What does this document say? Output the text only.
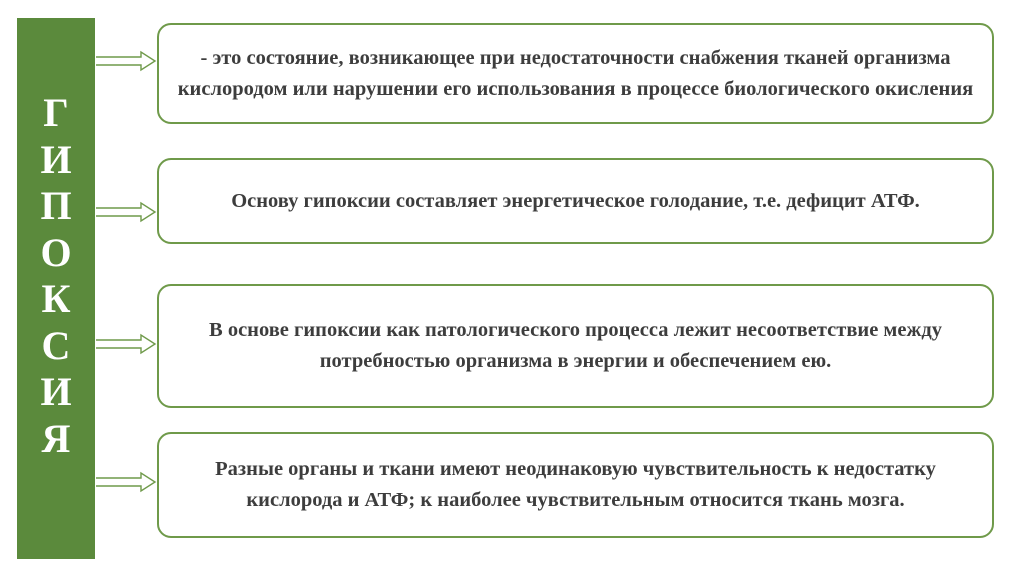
Г
И
П
О
К
С
И
Я
- это состояние, возникающее при недостаточности снабжения тканей организма кислородом или нарушении его использования в процессе биологического окисления
Основу гипоксии составляет энергетическое голодание, т.е. дефицит АТФ.
В основе гипоксии как патологического процесса лежит несоответствие между потребностью организма в энергии и обеспечением ею.
Разные органы и ткани имеют неодинаковую чувствительность к недостатку кислорода и АТФ; к наиболее чувствительным относится ткань мозга.
